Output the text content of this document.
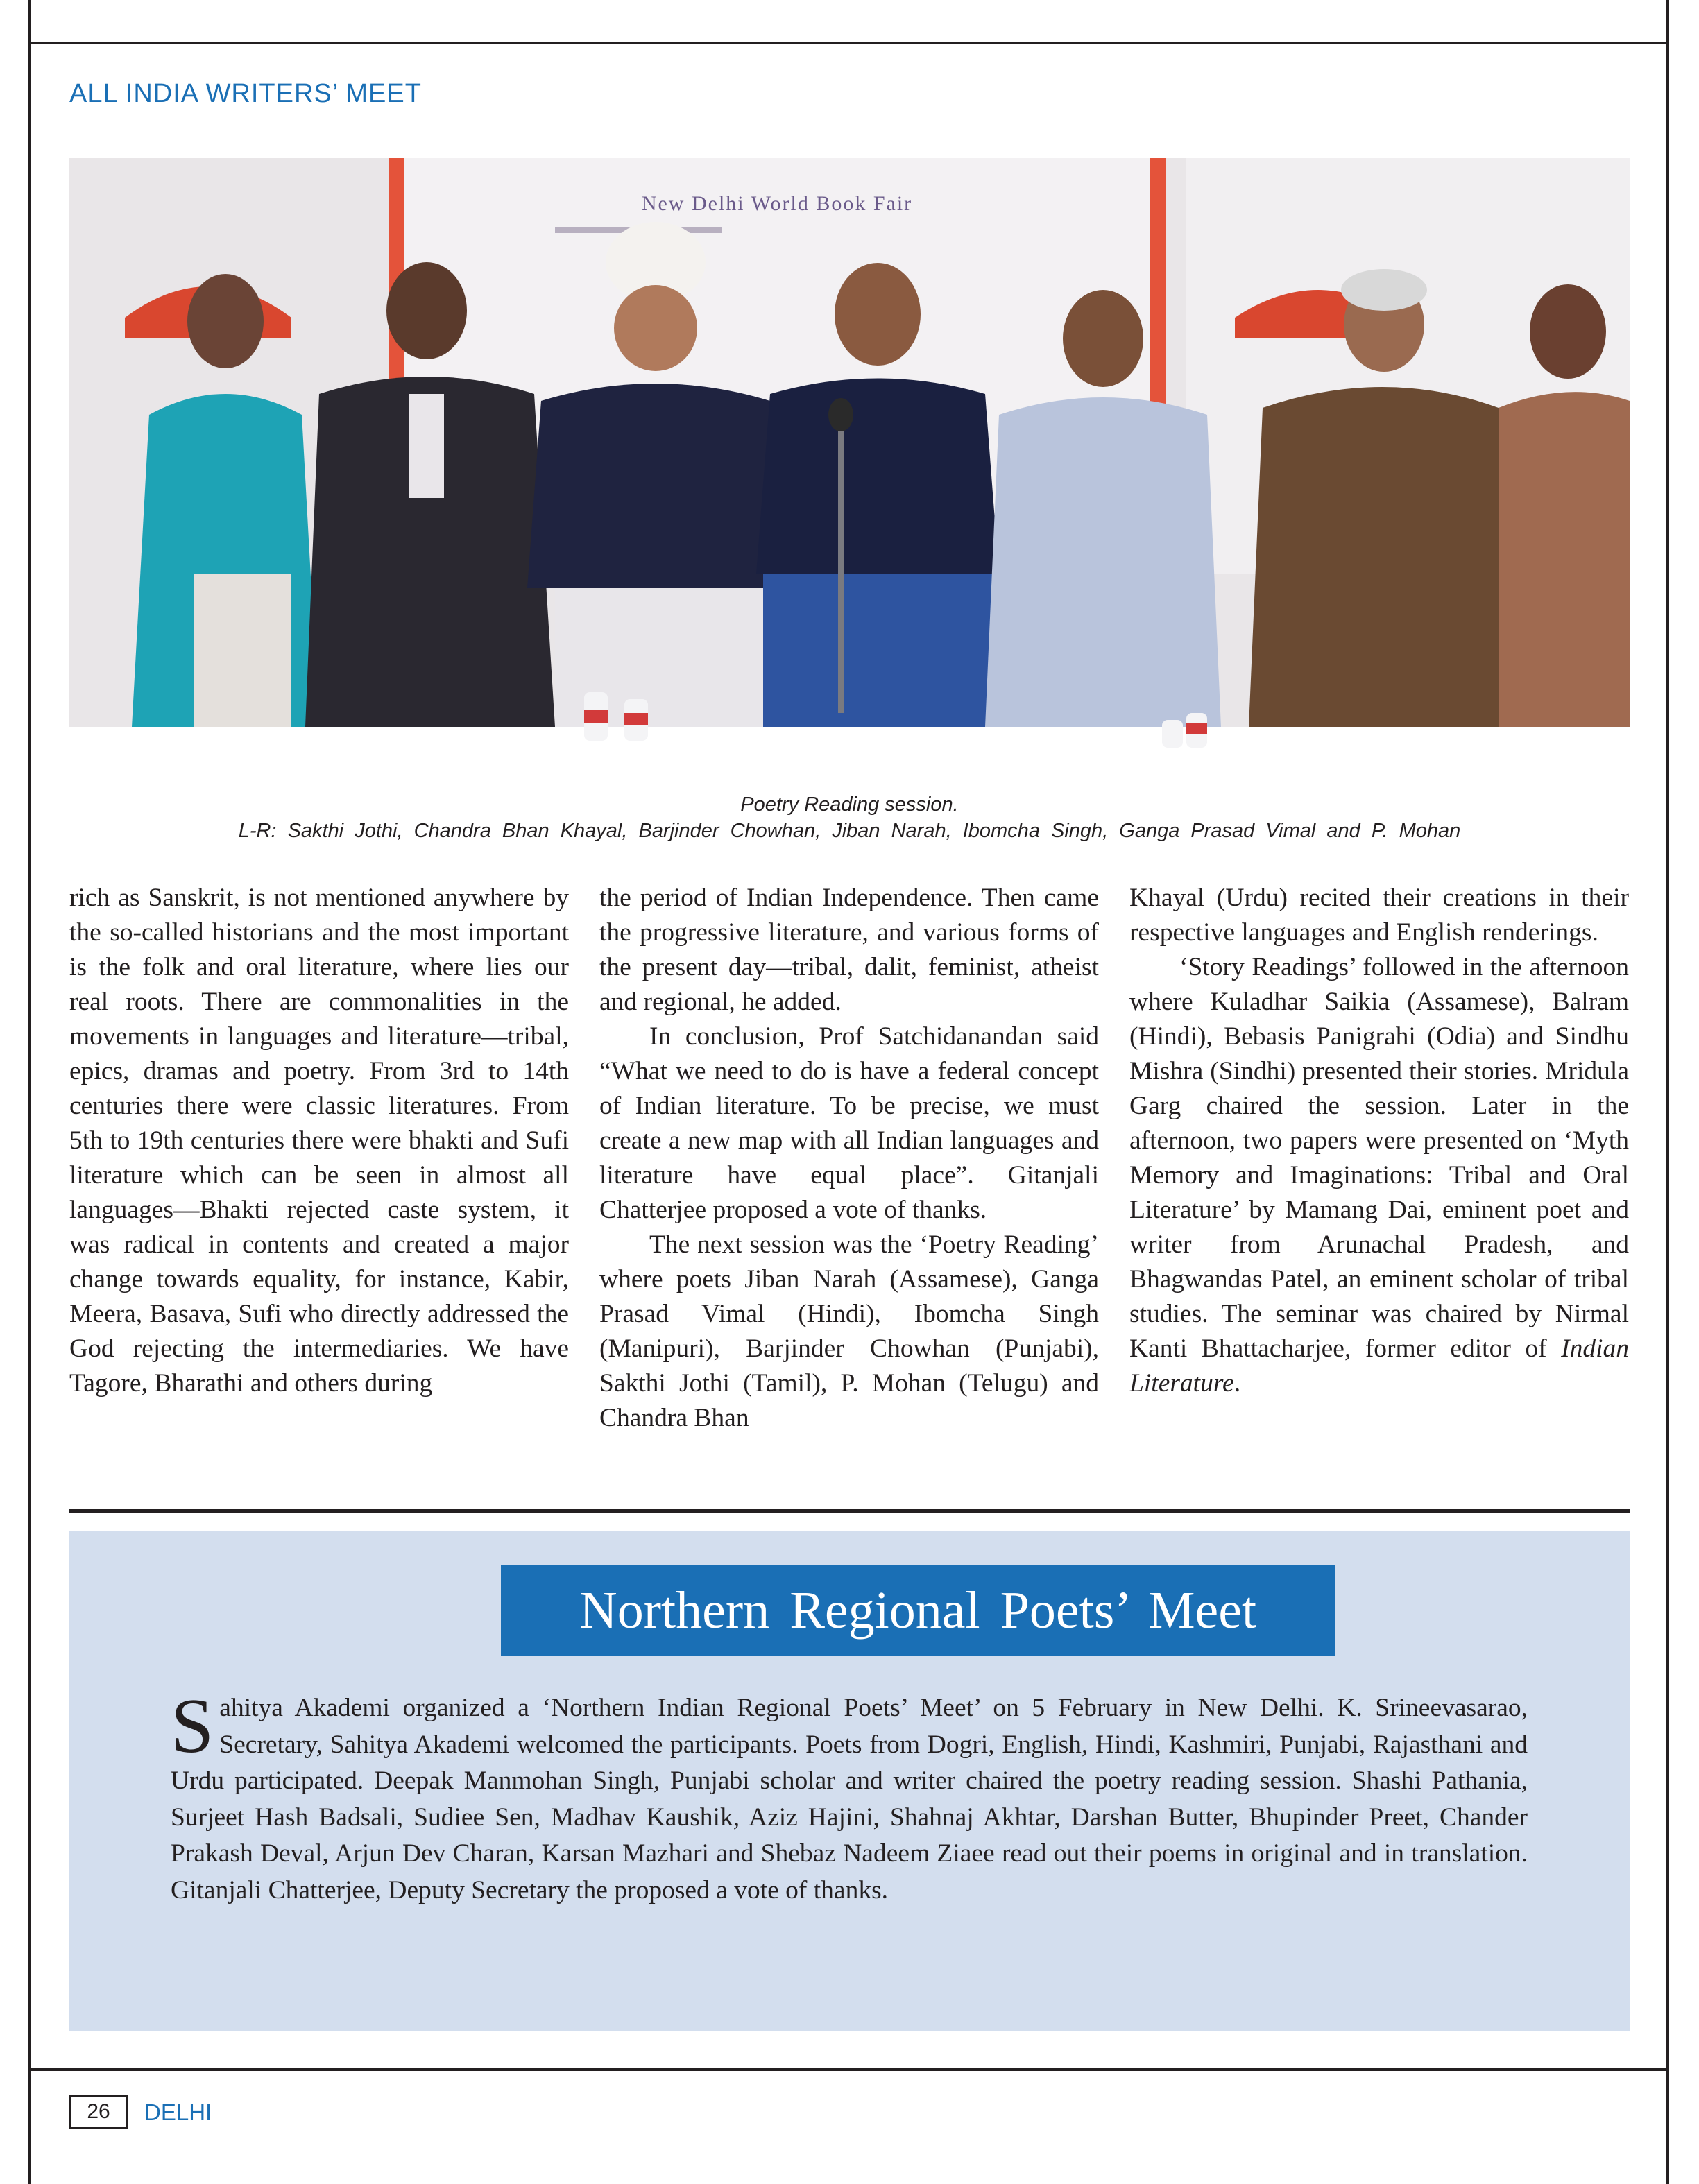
ALL INDIA WRITERS’ MEET
New Delhi World Book Fair
Poetry Reading session.
L-R: Sakthi Jothi, Chandra Bhan Khayal, Barjinder Chowhan, Jiban Narah, Ibomcha Singh, Ganga Prasad Vimal and P. Mohan

rich as Sanskrit, is not mentioned anywhere by the so-called historians and the most important is the folk and oral literature, where lies our real roots. There are commonalities in the movements in languages and literature—tribal, epics, dramas and poetry. From 3rd to 14th centuries there were classic literatures. From 5th to 19th centuries there were bhakti and Sufi literature which can be seen in almost all languages—Bhakti rejected caste system, it was radical in contents and created a major change towards equality, for instance, Kabir, Meera, Basava, Sufi who directly addressed the God rejecting the intermediaries. We have Tagore, Bharathi and others during

the period of Indian Independence. Then came the progressive literature, and various forms of the present day—tribal, dalit, feminist, atheist and regional, he added.

In conclusion, Prof Satchidanandan said “What we need to do is have a federal concept of Indian literature. To be precise, we must create a new map with all Indian languages and literature have equal place”. Gitanjali Chatterjee proposed a vote of thanks.

The next session was the ‘Poetry Reading’ where poets Jiban Narah (Assamese), Ganga Prasad Vimal (Hindi), Ibomcha Singh (Manipuri), Barjinder Chowhan (Punjabi), Sakthi Jothi (Tamil), P. Mohan (Telugu) and Chandra Bhan

Khayal (Urdu) recited their creations in their respective languages and English renderings.

‘Story Readings’ followed in the afternoon where Kuladhar Saikia (Assamese), Balram (Hindi), Bebasis Panigrahi (Odia) and Sindhu Mishra (Sindhi) presented their stories. Mridula Garg chaired the session. Later in the afternoon, two papers were presented on ‘Myth Memory and Imaginations: Tribal and Oral Literature’ by Mamang Dai, eminent poet and writer from Arunachal Pradesh, and Bhagwandas Patel, an eminent scholar of tribal studies. The seminar was chaired by Nirmal Kanti Bhattacharjee, former editor of Indian Literature.

Northern Regional Poets’ Meet

Sahitya Akademi organized a ‘Northern Indian Regional Poets’ Meet’ on 5 February in New Delhi. K. Srineevasarao, Secretary, Sahitya Akademi welcomed the participants. Poets from Dogri, English, Hindi, Kashmiri, Punjabi, Rajasthani and Urdu participated. Deepak Manmohan Singh, Punjabi scholar and writer chaired the poetry reading session. Shashi Pathania, Surjeet Hash Badsali, Sudiee Sen, Madhav Kaushik, Aziz Hajini, Shahnaj Akhtar, Darshan Butter, Bhupinder Preet, Chander Prakash Deval, Arjun Dev Charan, Karsan Mazhari and Shebaz Nadeem Ziaee read out their poems in original and in translation. Gitanjali Chatterjee, Deputy Secretary the proposed a vote of thanks.

26	DELHI
